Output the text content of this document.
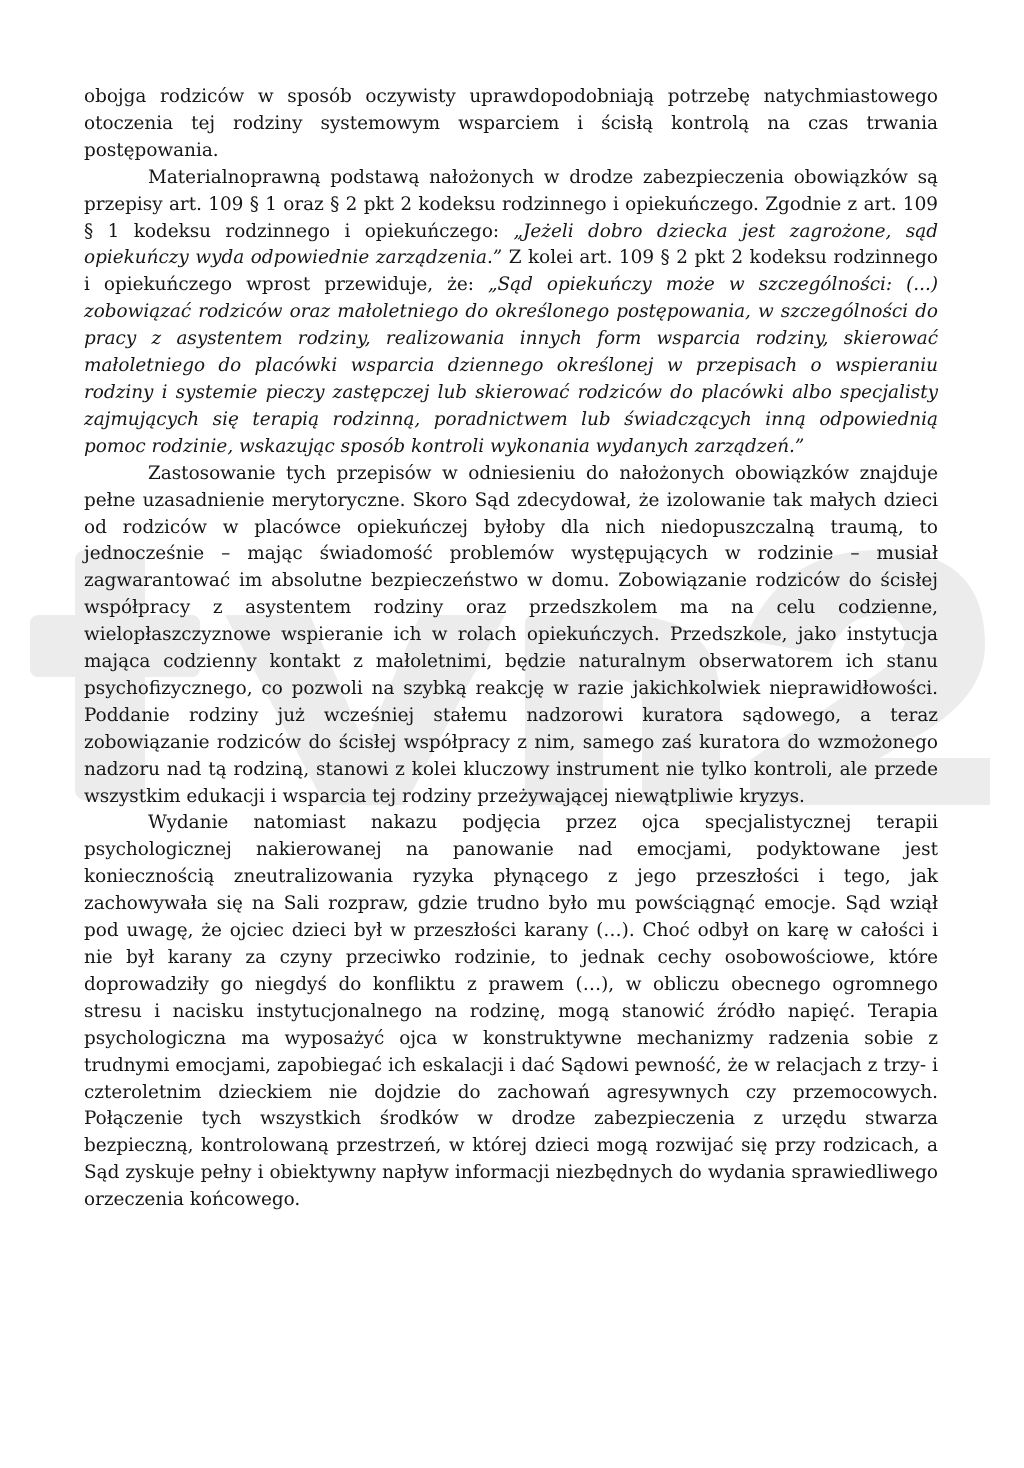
obojga rodziców w sposób oczywisty uprawdopodobniają potrzebę natychmiastowego otoczenia tej rodziny systemowym wsparciem i ścisłą kontrolą na czas trwania postępowania.

Materialnoprawną podstawą nałożonych w drodze zabezpieczenia obowiązków są przepisy art. 109 § 1 oraz § 2 pkt 2 kodeksu rodzinnego i opiekuńczego. Zgodnie z art. 109 § 1 kodeksu rodzinnego i opiekuńczego: „Jeżeli dobro dziecka jest zagrożone, sąd opiekuńczy wyda odpowiednie zarządzenia.” Z kolei art. 109 § 2 pkt 2 kodeksu rodzinnego i opiekuńczego wprost przewiduje, że: „Sąd opiekuńczy może w szczególności: (...) zobowiązać rodziców oraz małoletniego do określonego postępowania, w szczególności do pracy z asystentem rodziny, realizowania innych form wsparcia rodziny, skierować małoletniego do placówki wsparcia dziennego określonej w przepisach o wspieraniu rodziny i systemie pieczy zastępczej lub skierować rodziców do placówki albo specjalisty zajmujących się terapią rodzinną, poradnictwem lub świadczących inną odpowiednią pomoc rodzinie, wskazując sposób kontroli wykonania wydanych zarządzeń.”

Zastosowanie tych przepisów w odniesieniu do nałożonych obowiązków znajduje pełne uzasadnienie merytoryczne. Skoro Sąd zdecydował, że izolowanie tak małych dzieci od rodziców w placówce opiekuńczej byłoby dla nich niedopuszczalną traumą, to jednocześnie – mając świadomość problemów występujących w rodzinie – musiał zagwarantować im absolutne bezpieczeństwo w domu. Zobowiązanie rodziców do ścisłej współpracy z asystentem rodziny oraz przedszkolem ma na celu codzienne, wielopłaszczyznowe wspieranie ich w rolach opiekuńczych. Przedszkole, jako instytucja mająca codzienny kontakt z małoletnimi, będzie naturalnym obserwatorem ich stanu psychofizycznego, co pozwoli na szybką reakcję w razie jakichkolwiek nieprawidłowości. Poddanie rodziny już wcześniej stałemu nadzorowi kuratora sądowego, a teraz zobowiązanie rodziców do ścisłej współpracy z nim, samego zaś kuratora do wzmożonego nadzoru nad tą rodziną, stanowi z kolei kluczowy instrument nie tylko kontroli, ale przede wszystkim edukacji i wsparcia tej rodziny przeżywającej niewątpliwie kryzys.

Wydanie natomiast nakazu podjęcia przez ojca specjalistycznej terapii psychologicznej nakierowanej na panowanie nad emocjami, podyktowane jest koniecznością zneutralizowania ryzyka płynącego z jego przeszłości i tego, jak zachowywała się na Sali rozpraw, gdzie trudno było mu powściągnąć emocje. Sąd wziął pod uwagę, że ojciec dzieci był w przeszłości karany (…). Choć odbył on karę w całości i nie był karany za czyny przeciwko rodzinie, to jednak cechy osobowościowe, które doprowadziły go niegdyś do konfliktu z prawem (…), w obliczu obecnego ogromnego stresu i nacisku instytucjonalnego na rodzinę, mogą stanowić źródło napięć. Terapia psychologiczna ma wyposażyć ojca w konstruktywne mechanizmy radzenia sobie z trudnymi emocjami, zapobiegać ich eskalacji i dać Sądowi pewność, że w relacjach z trzy- i czteroletnim dzieckiem nie dojdzie do zachowań agresywnych czy przemocowych. Połączenie tych wszystkich środków w drodze zabezpieczenia z urzędu stwarza bezpieczną, kontrolowaną przestrzeń, w której dzieci mogą rozwijać się przy rodzicach, a Sąd zyskuje pełny i obiektywny napływ informacji niezbędnych do wydania sprawiedliwego orzeczenia końcowego.
